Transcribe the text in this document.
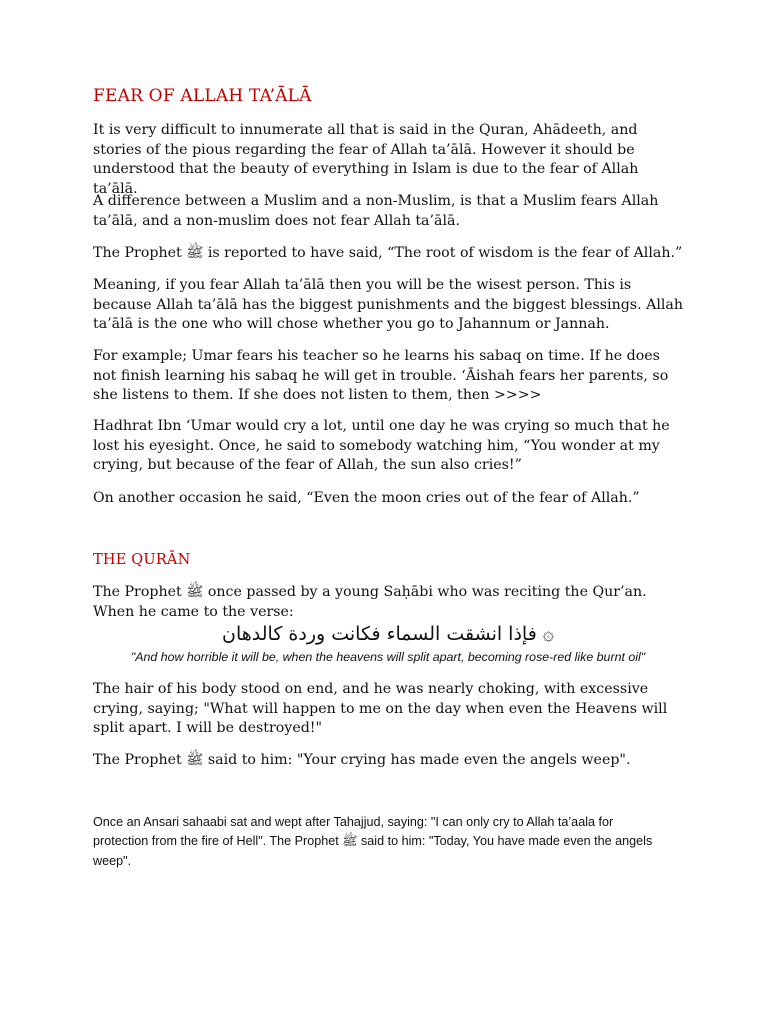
FEAR OF ALLAH TA’ĀLĀ

It is very difficult to innumerate all that is said in the Quran, Ahādeeth, and stories of the pious regarding the fear of Allah ta’ālā. However it should be understood that the beauty of everything in Islam is due to the fear of Allah ta’ālā.

A difference between a Muslim and a non-Muslim, is that a Muslim fears Allah ta’ālā, and a non-muslim does not fear Allah ta’ālā.

The Prophet ﷺ is reported to have said, “The root of wisdom is the fear of Allah.”

Meaning, if you fear Allah ta’ālā then you will be the wisest person. This is because Allah ta’ālā has the biggest punishments and the biggest blessings. Allah ta’ālā is the one who will chose whether you go to Jahannum or Jannah.

For example; Umar fears his teacher so he learns his sabaq on time. If he does not finish learning his sabaq he will get in trouble. ‘Āishah fears her parents, so she listens to them. If she does not listen to them, then >>>>

Hadhrat Ibn ‘Umar would cry a lot, until one day he was crying so much that he lost his eyesight. Once, he said to somebody watching him, “You wonder at my crying, but because of the fear of Allah, the sun also cries!”

On another occasion he said, “Even the moon cries out of the fear of Allah.”

THE QURĀN

The Prophet ﷺ once passed by a young Saḥābi who was reciting the Qur’an. When he came to the verse:

۞ فإذا انشقت السماء فكانت وردة كالدهان
"And how horrible it will be, when the heavens will split apart, becoming rose-red like burnt oil"

The hair of his body stood on end, and he was nearly choking, with excessive crying, saying; "What will happen to me on the day when even the Heavens will split apart. I will be destroyed!"

The Prophet ﷺ said to him: "Your crying has made even the angels weep".

Once an Ansari sahaabi sat and wept after Tahajjud, saying: "I can only cry to Allah ta’aala for protection from the fire of Hell". The Prophet ﷺ said to him: "Today, You have made even the angels weep".
